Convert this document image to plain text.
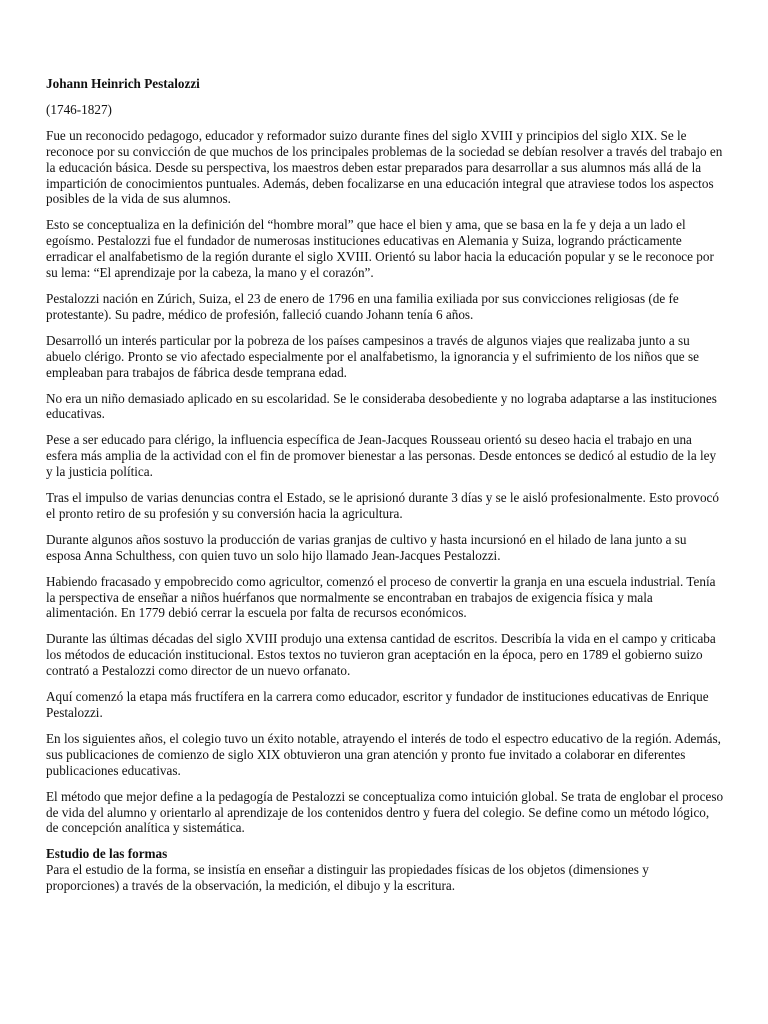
Johann Heinrich Pestalozzi

(1746-1827)

Fue un reconocido pedagogo, educador y reformador suizo durante fines del siglo XVIII y principios del siglo XIX. Se le reconoce por su convicción de que muchos de los principales problemas de la sociedad se debían resolver a través del trabajo en la educación básica. Desde su perspectiva, los maestros deben estar preparados para desarrollar a sus alumnos más allá de la impartición de conocimientos puntuales. Además, deben focalizarse en una educación integral que atraviese todos los aspectos posibles de la vida de sus alumnos.

Esto se conceptualiza en la definición del “hombre moral” que hace el bien y ama, que se basa en la fe y deja a un lado el egoísmo. Pestalozzi fue el fundador de numerosas instituciones educativas en Alemania y Suiza, logrando prácticamente erradicar el analfabetismo de la región durante el siglo XVIII. Orientó su labor hacia la educación popular y se le reconoce por su lema: “El aprendizaje por la cabeza, la mano y el corazón”.

Pestalozzi nación en Zúrich, Suiza, el 23 de enero de 1796 en una familia exiliada por sus convicciones religiosas (de fe protestante). Su padre, médico de profesión, falleció cuando Johann tenía 6 años.

Desarrolló un interés particular por la pobreza de los países campesinos a través de algunos viajes que realizaba junto a su abuelo clérigo. Pronto se vio afectado especialmente por el analfabetismo, la ignorancia y el sufrimiento de los niños que se empleaban para trabajos de fábrica desde temprana edad.

No era un niño demasiado aplicado en su escolaridad. Se le consideraba desobediente y no lograba adaptarse a las instituciones educativas.

Pese a ser educado para clérigo, la influencia específica de Jean-Jacques Rousseau orientó su deseo hacia el trabajo en una esfera más amplia de la actividad con el fin de promover bienestar a las personas. Desde entonces se dedicó al estudio de la ley y la justicia política.

Tras el impulso de varias denuncias contra el Estado, se le aprisionó durante 3 días y se le aisló profesionalmente. Esto provocó el pronto retiro de su profesión y su conversión hacia la agricultura.

Durante algunos años sostuvo la producción de varias granjas de cultivo y hasta incursionó en el hilado de lana junto a su esposa Anna Schulthess, con quien tuvo un solo hijo llamado Jean-Jacques Pestalozzi.

Habiendo fracasado y empobrecido como agricultor, comenzó el proceso de convertir la granja en una escuela industrial. Tenía la perspectiva de enseñar a niños huérfanos que normalmente se encontraban en trabajos de exigencia física y mala alimentación. En 1779 debió cerrar la escuela por falta de recursos económicos.

Durante las últimas décadas del siglo XVIII produjo una extensa cantidad de escritos. Describía la vida en el campo y criticaba los métodos de educación institucional. Estos textos no tuvieron gran aceptación en la época, pero en 1789 el gobierno suizo contrató a Pestalozzi como director de un nuevo orfanato.

Aquí comenzó la etapa más fructífera en la carrera como educador, escritor y fundador de instituciones educativas de Enrique Pestalozzi.

En los siguientes años, el colegio tuvo un éxito notable, atrayendo el interés de todo el espectro educativo de la región. Además, sus publicaciones de comienzo de siglo XIX obtuvieron una gran atención y pronto fue invitado a colaborar en diferentes publicaciones educativas.

El método que mejor define a la pedagogía de Pestalozzi se conceptualiza como intuición global. Se trata de englobar el proceso de vida del alumno y orientarlo al aprendizaje de los contenidos dentro y fuera del colegio. Se define como un método lógico, de concepción analítica y sistemática.

Estudio de las formas

Para el estudio de la forma, se insistía en enseñar a distinguir las propiedades físicas de los objetos (dimensiones y proporciones) a través de la observación, la medición, el dibujo y la escritura.
